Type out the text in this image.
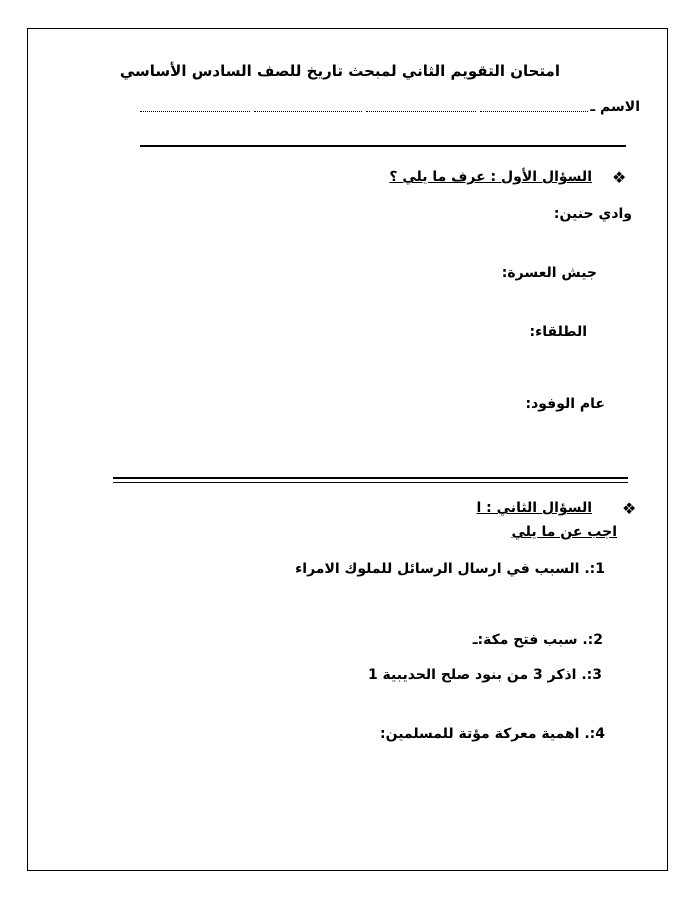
امتحان التقويم الثاني لمبحث تاريخ للصف السادس الأساسي
الاسم ـ
❖
السؤال الأول : عرف ما يلي ؟
وادي حنين:
جيش العسرة:
الطلقاء:
عام الوفود:
❖
السؤال الثاني : ا
اجب عن ما يلي
1:. السبب في ارسال الرسائل للملوك الامراء
2:. سبب فتح مكة:ـ
3:. اذكر 3 من بنود صلح الحديبية 1
4:. اهمية معركة مؤتة للمسلمين:
